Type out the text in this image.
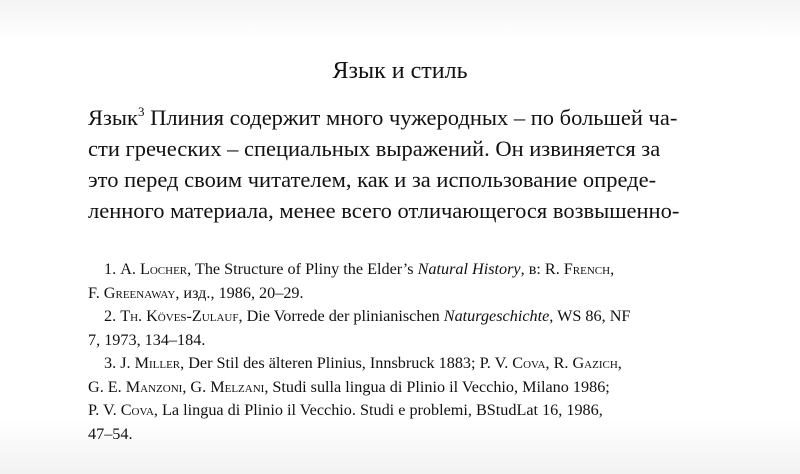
Язык и стиль
Язык$^3$ Плиния содержит много чужеродных – по большей ча-
сти греческих – специальных выражений. Он извиняется за
это перед своим читателем, как и за использование опреде-
ленного материала, менее всего отличающегося возвышенно-
1. A. Locher, The Structure of Pliny the Elder’s Natural History, в: R. French,
F. Greenaway, изд., 1986, 20–29.
2. Th. Köves-Zulauf, Die Vorrede der plinianischen Naturgeschichte, WS 86, NF
7, 1973, 134–184.
3. J. Miller, Der Stil des älteren Plinius, Innsbruck 1883; P. V. Cova, R. Gazich,
G. E. Manzoni, G. Melzani, Studi sulla lingua di Plinio il Vecchio, Milano 1986;
P. V. Cova, La lingua di Plinio il Vecchio. Studi e problemi, BStudLat 16, 1986,
47–54.
